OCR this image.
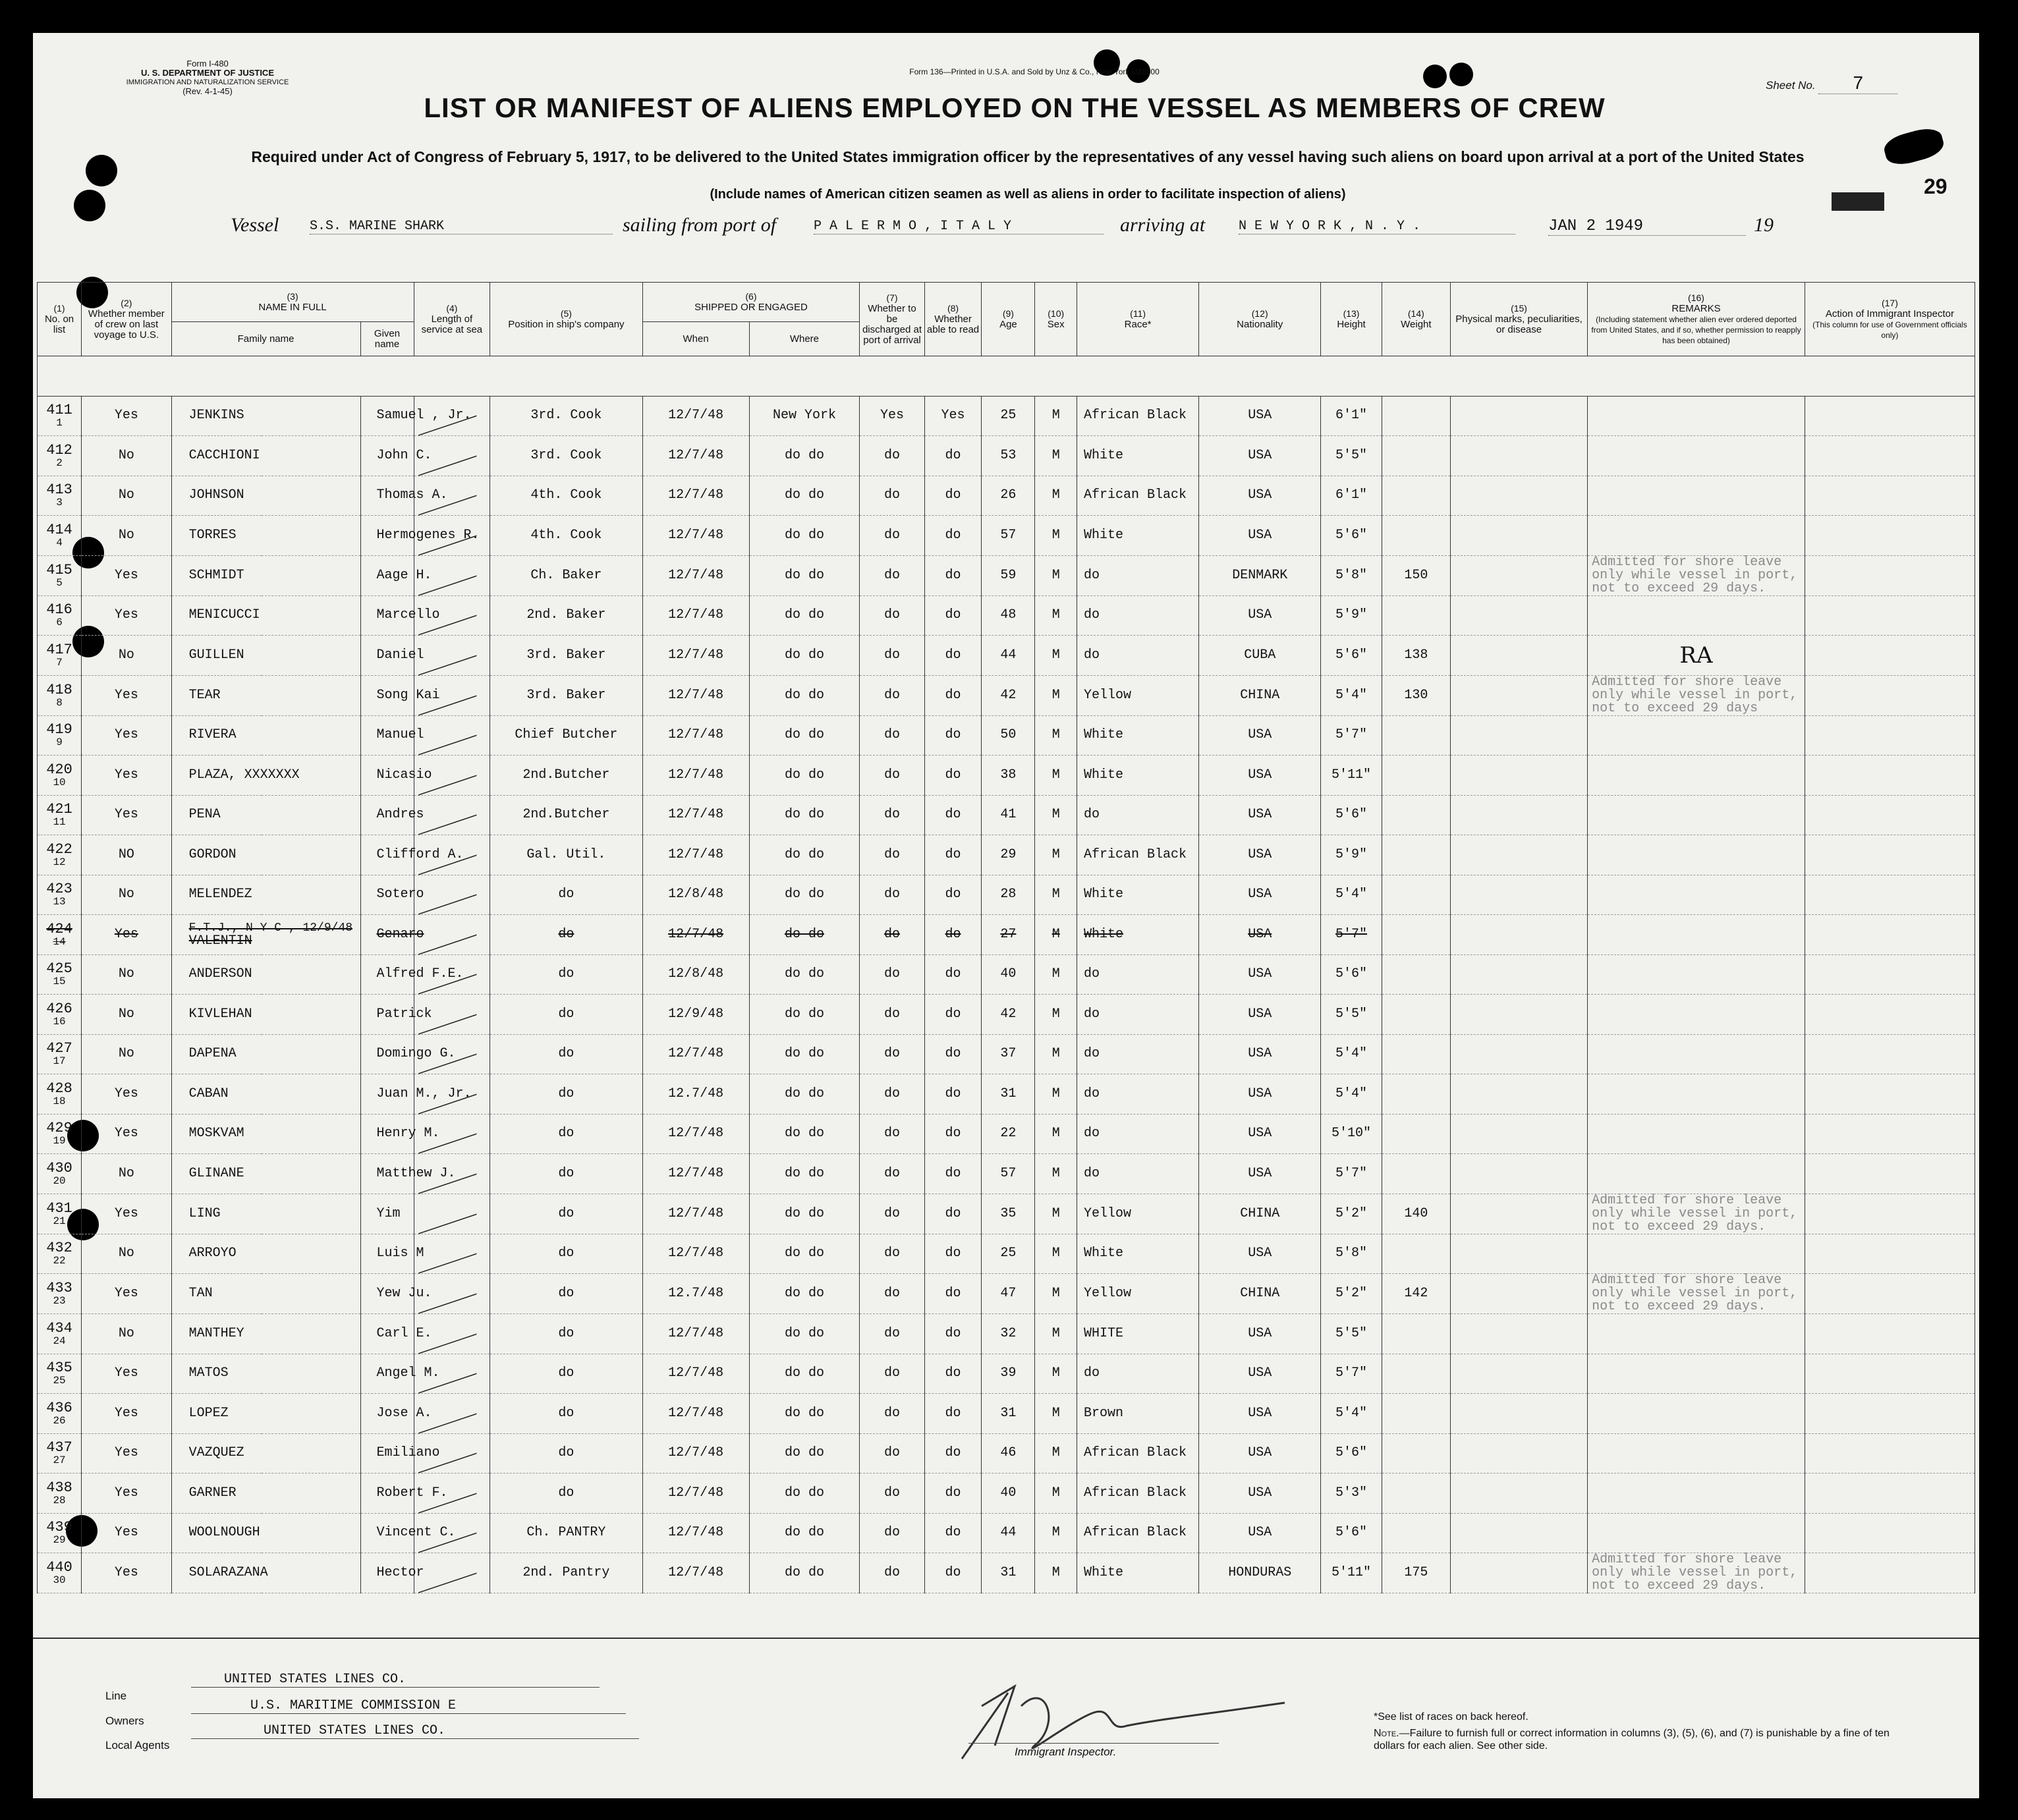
Form I-480
U. S. DEPARTMENT OF JUSTICE
IMMIGRATION AND NATURALIZATION SERVICE
(Rev. 4-1-45)
Form 136—Printed in U.S.A. and Sold by Unz & Co., New York U28300
Sheet No. 7
29
LIST OR MANIFEST OF ALIENS EMPLOYED ON THE VESSEL AS MEMBERS OF CREW
Required under Act of Congress of February 5, 1917, to be delivered to the United States immigration officer by the representatives of any vessel having such aliens on board upon arrival at a port of the United States
(Include names of American citizen seamen as well as aliens in order to facilitate inspection of aliens)
Vessel S.S. MARINE SHARK	sailing from port of	P A L E R M O , I T A L Y	arriving at	N E W Y O R K , N . Y .	JAN 2 1949	19
(1)
No. on list	(2)
Whether member of crew on last voyage to U.S.	(3)
NAME IN FULL		(4)
Length of service at sea	(5)
Position in ship's company	(6)
SHIPPED OR ENGAGED		(7)
Whether to be discharged at port of arrival	(8)
Whether able to read	(9)
Age	(10)
Sex	(11)
Race*	(12)
Nationality	(13)
Height	(14)
Weight	(15)
Physical marks, peculiarities, or disease	(16)
REMARKS
(Including statement whether alien ever ordered deported from United States, and if so, whether permission to reapply has been obtained)	(17)
Action of Immigrant Inspector
(This column for use of Government officials only)
		Family name	Given name			When	Where											

411
1	Yes	JENKINS	Samuel , Jr.		3rd. Cook	12/7/48	New York	Yes	Yes	25	M	African Black	USA	6'1"				

412
2	No	CACCHIONI	John C.		3rd. Cook	12/7/48	do do	do	do	53	M	White	USA	5'5"				

413
3	No	JOHNSON	Thomas A.		4th. Cook	12/7/48	do do	do	do	26	M	African Black	USA	6'1"				

414
4	No	TORRES	Hermogenes R.		4th. Cook	12/7/48	do do	do	do	57	M	White	USA	5'6"				

415
5	Yes	SCHMIDT	Aage H.		Ch. Baker	12/7/48	do do	do	do	59	M	do	DENMARK	5'8"	150		Admitted for shore leave only while vessel in port, not to exceed 29 days.	

416
6	Yes	MENICUCCI	Marcello		2nd. Baker	12/7/48	do do	do	do	48	M	do	USA	5'9"				

417
7	No	GUILLEN	Daniel		3rd. Baker	12/7/48	do do	do	do	44	M	do	CUBA	5'6"	138		RA	

418
8	Yes	TEAR	Song Kai		3rd. Baker	12/7/48	do do	do	do	42	M	Yellow	CHINA	5'4"	130		Admitted for shore leave only while vessel in port, not to exceed 29 days	

419
9	Yes	RIVERA	Manuel		Chief Butcher	12/7/48	do do	do	do	50	M	White	USA	5'7"				

420
10	Yes	PLAZA, XXXXXXX	Nicasio		2nd.Butcher	12/7/48	do do	do	do	38	M	White	USA	5'11"				

421
11	Yes	PENA	Andres		2nd.Butcher	12/7/48	do do	do	do	41	M	do	USA	5'6"				

422
12	NO	GORDON	Clifford A.		Gal. Util.	12/7/48	do do	do	do	29	M	African Black	USA	5'9"				

423
13	No	MELENDEZ	Sotero		do	12/8/48	do do	do	do	28	M	White	USA	5'4"				

424
14	Yes	F.T.J., N Y C , 12/9/48
VALENTIN	Genaro		do	12/7/48	do do	do	do	27	M	White	USA	5'7"				

425
15	No	ANDERSON	Alfred F.E.		do	12/8/48	do do	do	do	40	M	do	USA	5'6"				

426
16	No	KIVLEHAN	Patrick		do	12/9/48	do do	do	do	42	M	do	USA	5'5"				

427
17	No	DAPENA	Domingo G.		do	12/7/48	do do	do	do	37	M	do	USA	5'4"				

428
18	Yes	CABAN	Juan M., Jr.		do	12.7/48	do do	do	do	31	M	do	USA	5'4"				

429
19	Yes	MOSKVAM	Henry M.		do	12/7/48	do do	do	do	22	M	do	USA	5'10"				

430
20	No	GLINANE	Matthew J.		do	12/7/48	do do	do	do	57	M	do	USA	5'7"				

431
21	Yes	LING	Yim		do	12/7/48	do do	do	do	35	M	Yellow	CHINA	5'2"	140		Admitted for shore leave only while vessel in port, not to exceed 29 days.	

432
22	No	ARROYO	Luis M		do	12/7/48	do do	do	do	25	M	White	USA	5'8"				

433
23	Yes	TAN	Yew Ju.		do	12.7/48	do do	do	do	47	M	Yellow	CHINA	5'2"	142		Admitted for shore leave only while vessel in port, not to exceed 29 days.	

434
24	No	MANTHEY	Carl E.		do	12/7/48	do do	do	do	32	M	WHITE	USA	5'5"				

435
25	Yes	MATOS	Angel M.		do	12/7/48	do do	do	do	39	M	do	USA	5'7"				

436
26	Yes	LOPEZ	Jose A.		do	12/7/48	do do	do	do	31	M	Brown	USA	5'4"				

437
27	Yes	VAZQUEZ	Emiliano		do	12/7/48	do do	do	do	46	M	African Black	USA	5'6"				

438
28	Yes	GARNER	Robert F.		do	12/7/48	do do	do	do	40	M	African Black	USA	5'3"				

439
29	Yes	WOOLNOUGH	Vincent C.		Ch. PANTRY	12/7/48	do do	do	do	44	M	African Black	USA	5'6"				

440
30	Yes	SOLARAZANA	Hector		2nd. Pantry	12/7/48	do do	do	do	31	M	White	HONDURAS	5'11"	175		Admitted for shore leave only while vessel in port, not to exceed 29 days.	
Line
UNITED STATES LINES CO.
Owners
U.S. MARITIME COMMISSION E
Local Agents
UNITED STATES LINES CO.
Immigrant Inspector.
*See list of races on back hereof.
Note.—Failure to furnish full or correct information in columns (3), (5), (6), and (7) is punishable by a fine of ten dollars for each alien. See other side.
